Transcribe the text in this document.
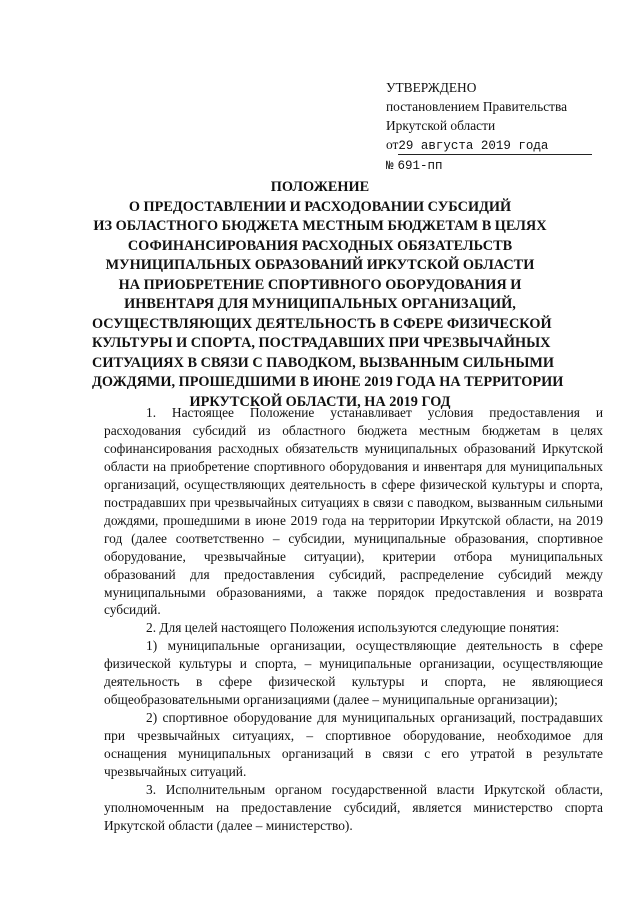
УТВЕРЖДЕНО
постановлением Правительства
Иркутской области
от29 августа 2019 года
№ 691-пп
ПОЛОЖЕНИЕ
О ПРЕДОСТАВЛЕНИИ И РАСХОДОВАНИИ СУБСИДИЙ
ИЗ ОБЛАСТНОГО БЮДЖЕТА МЕСТНЫМ БЮДЖЕТАМ В ЦЕЛЯХ
СОФИНАНСИРОВАНИЯ РАСХОДНЫХ ОБЯЗАТЕЛЬСТВ
МУНИЦИПАЛЬНЫХ ОБРАЗОВАНИЙ ИРКУТСКОЙ ОБЛАСТИ
НА ПРИОБРЕТЕНИЕ СПОРТИВНОГО ОБОРУДОВАНИЯ И
ИНВЕНТАРЯ ДЛЯ МУНИЦИПАЛЬНЫХ ОРГАНИЗАЦИЙ,
ОСУЩЕСТВЛЯЮЩИХ ДЕЯТЕЛЬНОСТЬ В СФЕРЕ ФИЗИЧЕСКОЙ
КУЛЬТУРЫ И СПОРТА, ПОСТРАДАВШИХ ПРИ ЧРЕЗВЫЧАЙНЫХ
СИТУАЦИЯХ В СВЯЗИ С ПАВОДКОМ, ВЫЗВАННЫМ СИЛЬНЫМИ
ДОЖДЯМИ, ПРОШЕДШИМИ В ИЮНЕ 2019 ГОДА НА ТЕРРИТОРИИ
ИРКУТСКОЙ ОБЛАСТИ, НА 2019 ГОД
1. Настоящее Положение устанавливает условия предоставления и расходования субсидий из областного бюджета местным бюджетам в целях софинансирования расходных обязательств муниципальных образований Иркутской области на приобретение спортивного оборудования и инвентаря для муниципальных организаций, осуществляющих деятельность в сфере физической культуры и спорта, пострадавших при чрезвычайных ситуациях в связи с паводком, вызванным сильными дождями, прошедшими в июне 2019 года на территории Иркутской области, на 2019 год (далее соответственно – субсидии, муниципальные образования, спортивное оборудование, чрезвычайные ситуации), критерии отбора муниципальных образований для предоставления субсидий, распределение субсидий между муниципальными образованиями, а также порядок предоставления и возврата субсидий.
2. Для целей настоящего Положения используются следующие понятия:
1) муниципальные организации, осуществляющие деятельность в сфере физической культуры и спорта, – муниципальные организации, осуществляющие деятельность в сфере физической культуры и спорта, не являющиеся общеобразовательными организациями (далее – муниципальные организации);
2) спортивное оборудование для муниципальных организаций, пострадавших при чрезвычайных ситуациях, – спортивное оборудование, необходимое для оснащения муниципальных организаций в связи с его утратой в результате чрезвычайных ситуаций.
3. Исполнительным органом государственной власти Иркутской области, уполномоченным на предоставление субсидий, является министерство спорта Иркутской области (далее – министерство).
